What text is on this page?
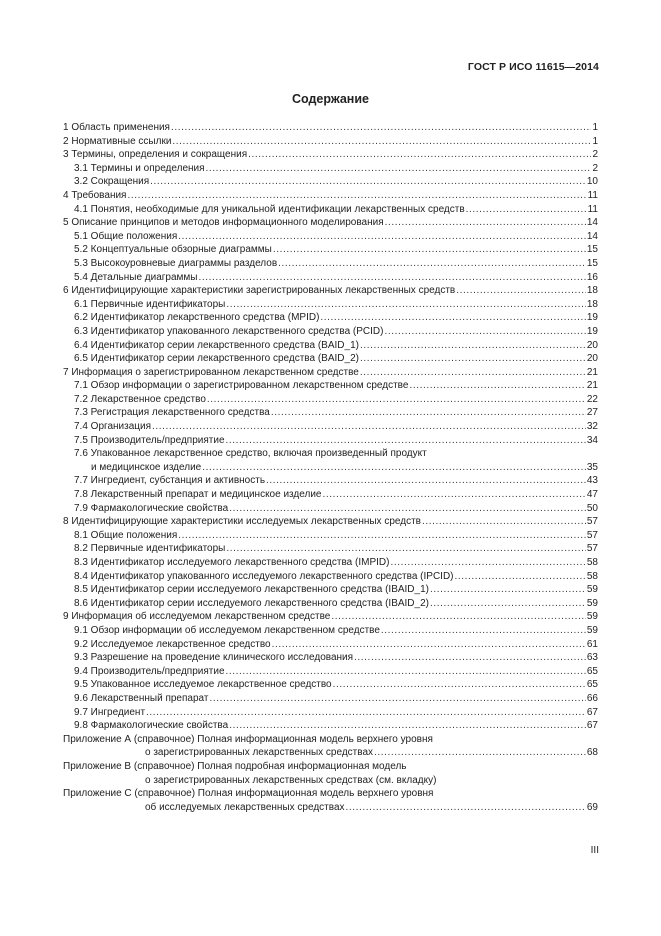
ГОСТ Р ИСО 11615—2014
Содержание
1 Область применения .....	1
2 Нормативные ссылки .....	1
3 Термины, определения и сокращения .....	2
3.1 Термины и определения .....	2
3.2 Сокращения .....	10
4 Требования .....	11
4.1 Понятия, необходимые для уникальной идентификации лекарственных средств .....	11
5 Описание принципов и методов информационного моделирования .....	14
5.1 Общие положения .....	14
5.2 Концептуальные обзорные диаграммы .....	15
5.3 Высокоуровневые диаграммы разделов .....	15
5.4 Детальные диаграммы .....	16
6 Идентифицирующие характеристики зарегистрированных лекарственных средств .....	18
6.1 Первичные идентификаторы .....	18
6.2 Идентификатор лекарственного средства (MPID) .....	19
6.3 Идентификатор упакованного лекарственного средства (PCID) .....	19
6.4 Идентификатор серии лекарственного средства (BAID_1) .....	20
6.5 Идентификатор серии лекарственного средства (BAID_2) .....	20
7 Информация о зарегистрированном лекарственном средстве .....	21
7.1 Обзор информации о зарегистрированном лекарственном средстве .....	21
7.2 Лекарственное средство .....	22
7.3 Регистрация лекарственного средства .....	27
7.4 Организация .....	32
7.5 Производитель/предприятие .....	34
7.6 Упакованное лекарственное средство, включая произведенный продукт
и медицинское изделие .....	35
7.7 Ингредиент, субстанция и активность .....	43
7.8 Лекарственный препарат и медицинское изделие .....	47
7.9 Фармакологические свойства .....	50
8 Идентифицирующие характеристики исследуемых лекарственных средств .....	57
8.1 Общие положения .....	57
8.2 Первичные идентификаторы .....	57
8.3 Идентификатор исследуемого лекарственного средства (IMPID) .....	58
8.4 Идентификатор упакованного исследуемого лекарственного средства (IPCID) .....	58
8.5 Идентификатор серии исследуемого лекарственного средства (IBAID_1) .....	59
8.6 Идентификатор серии исследуемого лекарственного средства (IBAID_2) .....	59
9 Информация об исследуемом лекарственном средстве .....	59
9.1 Обзор информации об исследуемом лекарственном средстве .....	59
9.2 Исследуемое лекарственное средство .....	61
9.3 Разрешение на проведение клинического исследования .....	63
9.4 Производитель/предприятие .....	65
9.5 Упакованное исследуемое лекарственное средство .....	65
9.6 Лекарственный препарат .....	66
9.7 Ингредиент .....	67
9.8 Фармакологические свойства .....	67
Приложение А (справочное) Полная информационная модель верхнего уровня
о зарегистрированных лекарственных средствах .....	68
Приложение В (справочное) Полная подробная информационная модель
о зарегистрированных лекарственных средствах (см. вкладку)
Приложение С (справочное) Полная информационная модель верхнего уровня
об исследуемых лекарственных средствах .....	69
III
